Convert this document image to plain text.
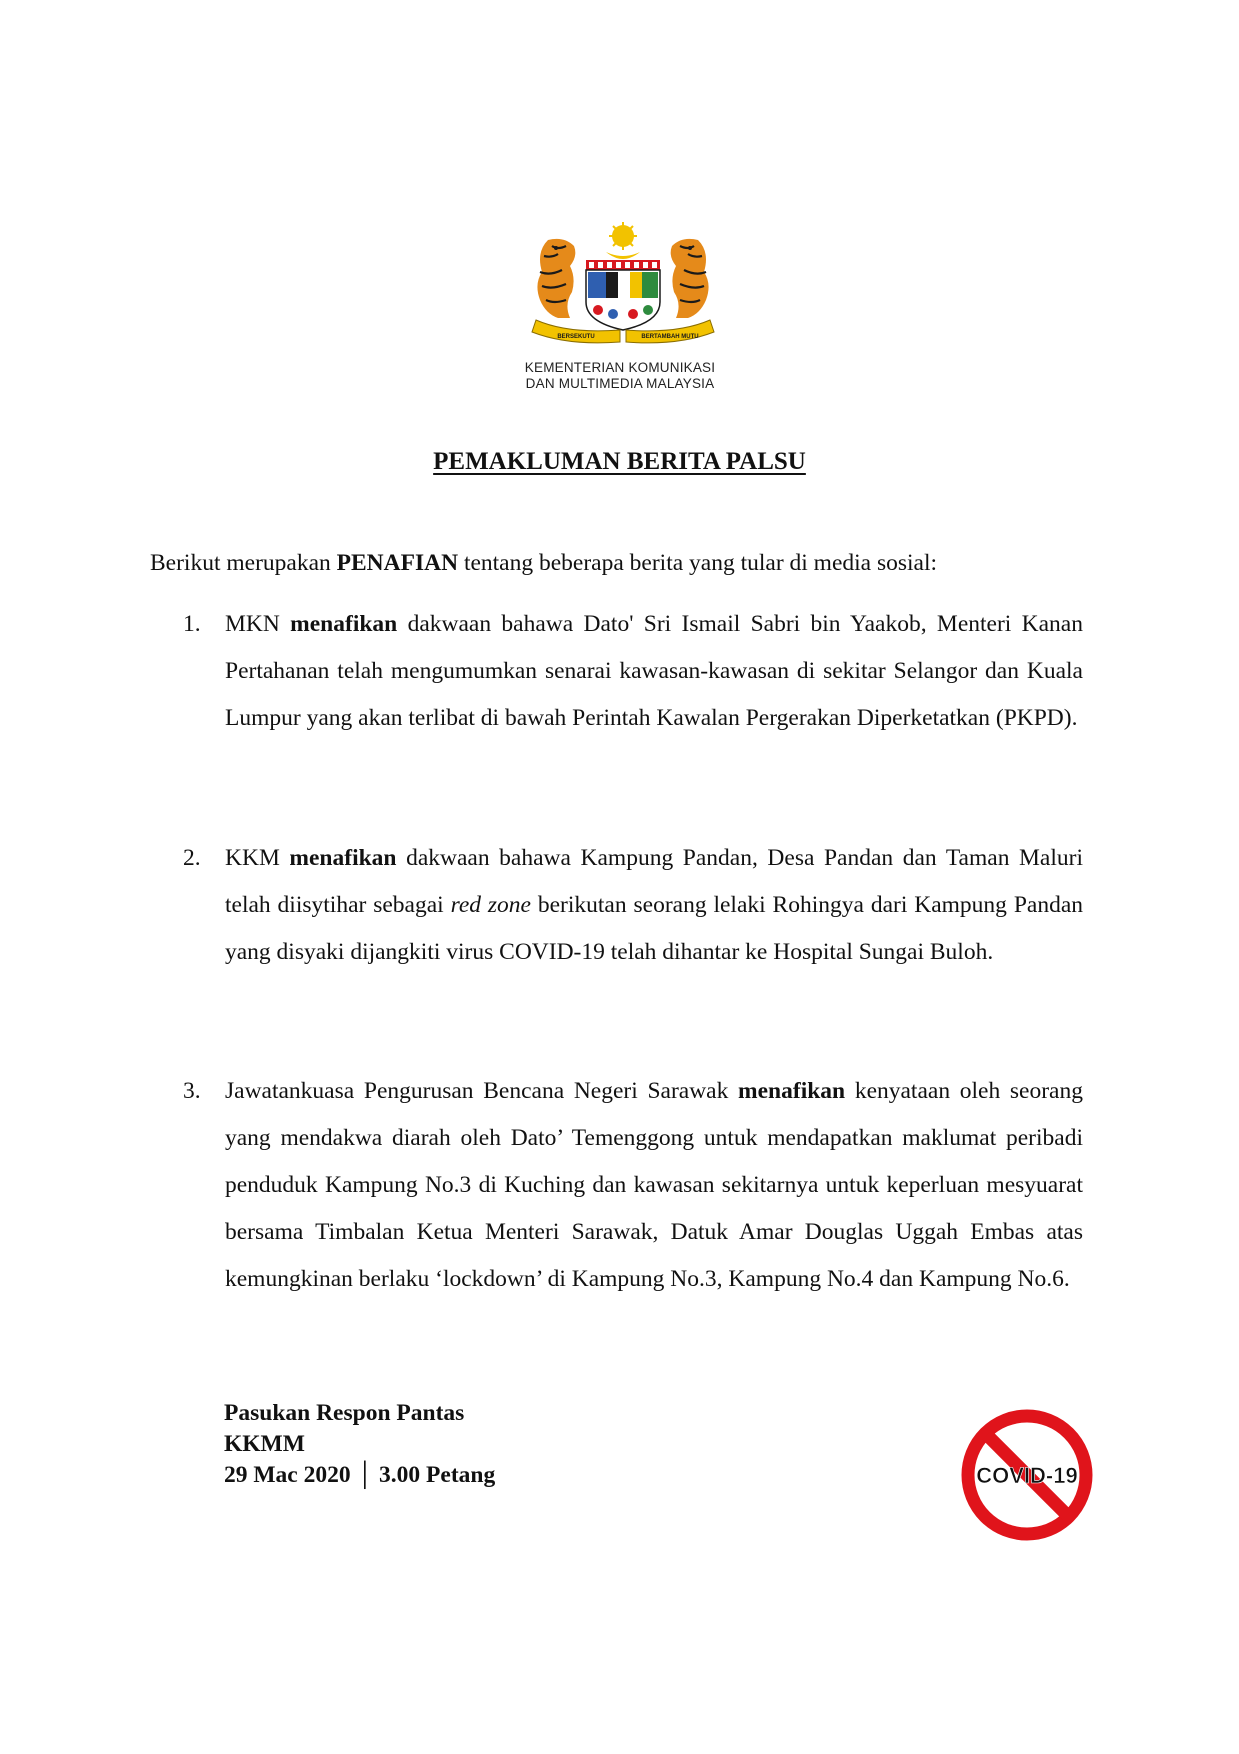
BERSEKUTU	BERTAMBAH MUTU
KEMENTERIAN KOMUNIKASI
DAN MULTIMEDIA MALAYSIA
PEMAKLUMAN BERITA PALSU
Berikut merupakan PENAFIAN tentang beberapa berita yang tular di media sosial:
1.	MKN menafikan dakwaan bahawa Dato' Sri Ismail Sabri bin Yaakob, Menteri Kanan Pertahanan telah mengumumkan senarai kawasan-kawasan di sekitar Selangor dan Kuala Lumpur yang akan terlibat di bawah Perintah Kawalan Pergerakan Diperketatkan (PKPD).
2.	KKM menafikan dakwaan bahawa Kampung Pandan, Desa Pandan dan Taman Maluri telah diisytihar sebagai red zone berikutan seorang lelaki Rohingya dari Kampung Pandan yang disyaki dijangkiti virus COVID-19 telah dihantar ke Hospital Sungai Buloh.
3.	Jawatankuasa Pengurusan Bencana Negeri Sarawak menafikan kenyataan oleh seorang yang mendakwa diarah oleh Dato’ Temenggong untuk mendapatkan maklumat peribadi penduduk Kampung No.3 di Kuching dan kawasan sekitarnya untuk keperluan mesyuarat bersama Timbalan Ketua Menteri Sarawak, Datuk Amar Douglas Uggah Embas atas kemungkinan berlaku ‘lockdown’ di Kampung No.3, Kampung No.4 dan Kampung No.6.
Pasukan Respon Pantas
KKMM
29 Mac 2020 │ 3.00 Petang	COVID-19
